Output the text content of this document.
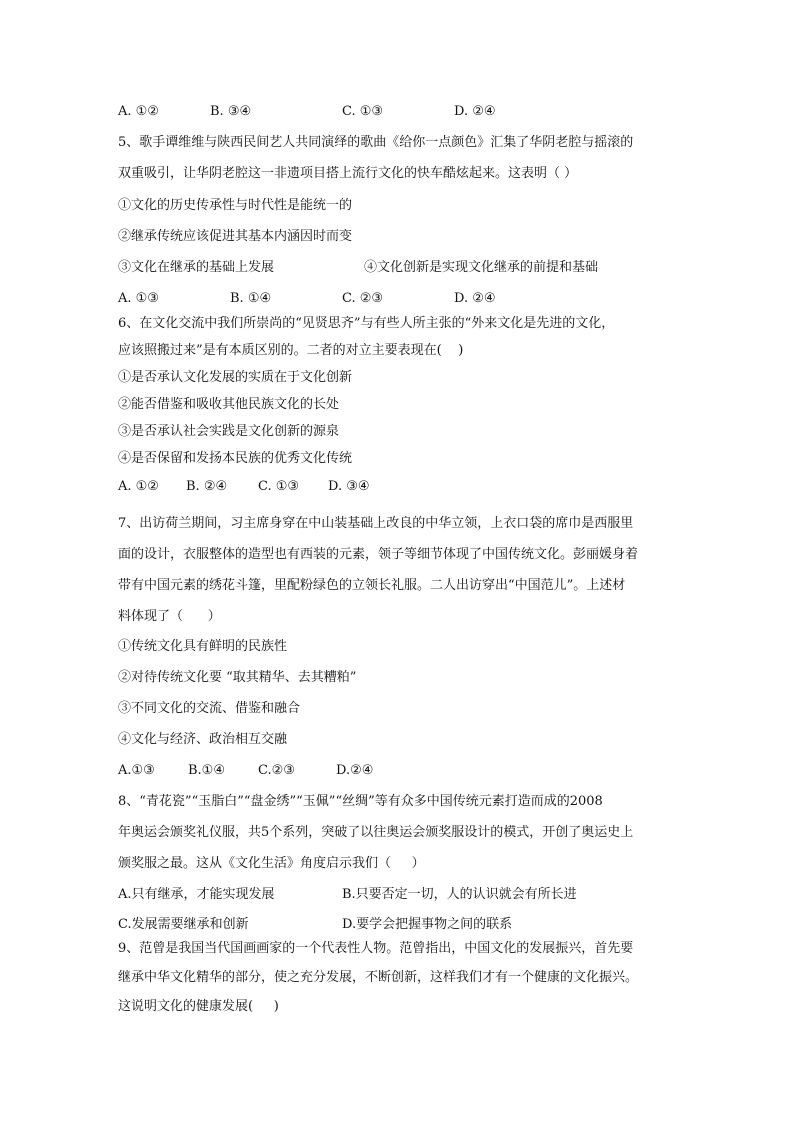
A. ①②

	B. ③④

	C. ①③

	D. ②④

5、歌手谭维维与陕西民间艺人共同演绎的歌曲《给你一点颜色》汇集了华阴老腔与摇滚的
双重吸引，让华阴老腔这一非遗项目搭上流行文化的快车酷炫起来。这表明（ ）
①文化的历史传承性与时代性是能统一的
②继承传统应该促进其基本内涵因时而变

③文化在继承的基础上发展

	④文化创新是实现文化继承的前提和基础

A. ①③

	B. ①④

	C. ②③

	D. ②④

6、在文化交流中我们所崇尚的“见贤思齐”与有些人所主张的“外来文化是先进的文化，
应该照搬过来”是有本质区别的。二者的对立主要表现在(    )
①是否承认文化发展的实质在于文化创新
②能否借鉴和吸收其他民族文化的长处
③是否承认社会实践是文化创新的源泉
④是否保留和发扬本民族的优秀文化传统

A. ①②

B. ②④

C. ①③

D. ③④

7、出访荷兰期间，习主席身穿在中山装基础上改良的中华立领，上衣口袋的席巾是西服里
面的设计，衣服整体的造型也有西装的元素，领子等细节体现了中国传统文化。彭丽媛身着
带有中国元素的绣花斗篷，里配粉绿色的立领长礼服。二人出访穿出“中国范儿”。上述材
料体现了（      ）
①传统文化具有鲜明的民族性
②对待传统文化要 “取其精华、去其糟粕”
③不同文化的交流、借鉴和融合
④文化与经济、政治相互交融

A.①③

	B.①④

	C.②③

	D.②④

8、“青花瓷”“玉脂白”“盘金绣”“玉佩”“丝绸”等有众多中国传统元素打造而成的2008
年奥运会颁奖礼仪服，共5个系列，突破了以往奥运会颁奖服设计的模式，开创了奥运史上
颁奖服之最。这从《文化生活》角度启示我们（     ）

A.只有继承，才能实现发展

	B.只要否定一切，人的认识就会有所长进

C.发展需要继承和创新

	D.要学会把握事物之间的联系

9、范曾是我国当代国画画家的一个代表性人物。范曾指出，中国文化的发展振兴，首先要
继承中华文化精华的部分，使之充分发展，不断创新，这样我们才有一个健康的文化振兴。
这说明文化的健康发展(     )
